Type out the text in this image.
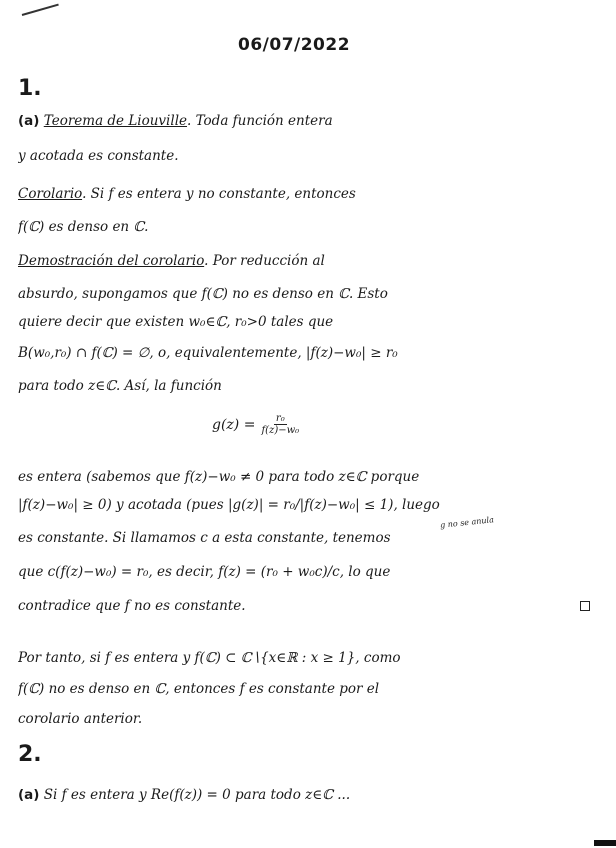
06/07/2022
1.
(a) Teorema de Liouville. Toda función entera
y acotada es constante.
Corolario. Si f es entera y no constante, entonces
f(ℂ) es denso en ℂ.
Demostración del corolario. Por reducción al
absurdo, supongamos que f(ℂ) no es denso en ℂ. Esto
quiere decir que existen w₀∈ℂ, r₀>0 tales que
B(w₀,r₀) ∩ f(ℂ) = ∅, o, equivalentemente, |f(z)−w₀| ≥ r₀
para todo z∈ℂ. Así, la función
$g(z) = \frac{\text{r₀}}{\text{f(z)−w₀}}$
es entera (sabemos que f(z)−w₀ ≠ 0 para todo z∈ℂ porque
|f(z)−w₀| ≥ 0) y acotada (pues |g(z)| = r₀/|f(z)−w₀| ≤ 1), luego
g no se anula
es constante. Si llamamos c a esta constante, tenemos
que c(f(z)−w₀) = r₀, es decir, f(z) = (r₀ + w₀c)/c, lo que
contradice que f no es constante.
Por tanto, si f es entera y f(ℂ) ⊂ ℂ∖{x∈ℝ : x ≥ 1}, como
f(ℂ) no es denso en ℂ, entonces f es constante por el
corolario anterior.
2.
(a) Si f es entera y Re(f(z)) = 0 para todo z∈ℂ ...
